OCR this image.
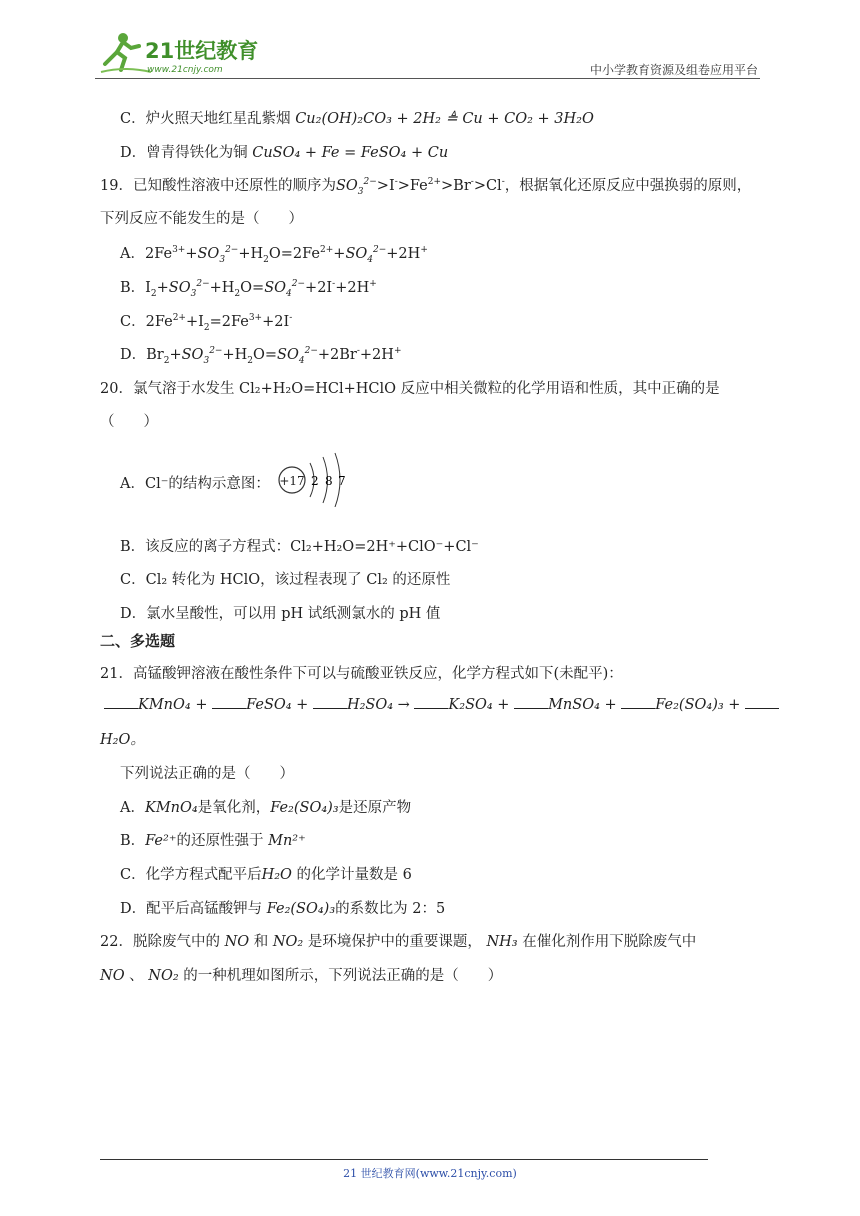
21世纪教育
www.21cnjy.com	中小学教育资源及组卷应用平台
C．炉火照天地红星乱紫烟 Cu₂(OH)₂CO₃ + 2H₂ ≜ Cu + CO₂ + 3H₂O
D．曾青得铁化为铜 CuSO₄ + Fe = FeSO₄ + Cu
19．已知酸性溶液中还原性的顺序为$SO_3^{2-}>I^->Fe^{2+}>Br^->Cl^-$，根据氧化还原反应中强换弱的原则，
下列反应不能发生的是（　　）
A．$2Fe^{3+}+SO_3^{2-}+H_2O=2Fe^{2+}+SO_4^{2-}+2H^+$
B．$I_2+SO_3^{2-}+H_2O=SO_4^{2-}+2I^-+2H^+$
C．$2Fe^{2+}+I_2=2Fe^{3+}+2I^-$
D．$Br_2+SO_3^{2-}+H_2O=SO_4^{2-}+2Br^-+2H^+$
20．氯气溶于水发生 Cl₂+H₂O=HCl+HClO 反应中相关微粒的化学用语和性质，其中正确的是
（　　）
A．Cl⁻的结构示意图： +17 2 8 7
B．该反应的离子方程式：Cl₂+H₂O=2H⁺+ClO⁻+Cl⁻
C．Cl₂ 转化为 HClO，该过程表现了 Cl₂ 的还原性
D．氯水呈酸性，可以用 pH 试纸测氯水的 pH 值
二、多选题
21．高锰酸钾溶液在酸性条件下可以与硫酸亚铁反应，化学方程式如下(未配平)：
KMnO₄ +	FeSO₄ +	H₂SO₄ →	K₂SO₄ +	MnSO₄ +	Fe₂(SO₄)₃ +
H₂O。
下列说法正确的是（　　）
A．KMnO₄是氧化剂，Fe₂(SO₄)₃是还原产物
B．Fe²⁺的还原性强于 Mn²⁺
C．化学方程式配平后H₂O 的化学计量数是 6
D．配平后高锰酸钾与 Fe₂(SO₄)₃的系数比为 2：5
22．脱除废气中的 NO 和 NO₂ 是环境保护中的重要课题， NH₃ 在催化剂作用下脱除废气中
NO 、 NO₂ 的一种机理如图所示，下列说法正确的是（　　）
21 世纪教育网(www.21cnjy.com)
